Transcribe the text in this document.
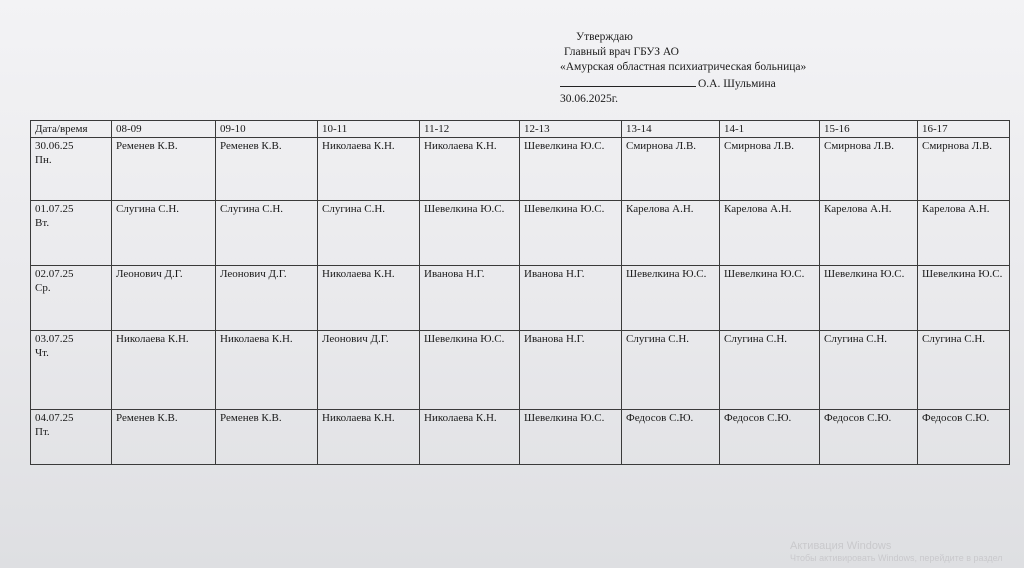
Утверждаю
Главный врач ГБУЗ АО
«Амурская областная психиатрическая больница»
О.А. Шульмина
30.06.2025г.
Дата/время	08-09	09-10	10-11	11-12	12-13	13-14	14-1	15-16	16-17

30.06.25
Пн.	Ременев К.В.	Ременев К.В.	Николаева К.Н.	Николаева К.Н.	Шевелкина Ю.С.	Смирнова Л.В.	Смирнова Л.В.	Смирнова Л.В.	Смирнова Л.В.

01.07.25
Вт.	Слугина С.Н.	Слугина С.Н.	Слугина С.Н.	Шевелкина Ю.С.	Шевелкина Ю.С.	Карелова А.Н.	Карелова А.Н.	Карелова А.Н.	Карелова А.Н.

02.07.25
Ср.	Леонович Д.Г.	Леонович Д.Г.	Николаева К.Н.	Иванова Н.Г.	Иванова Н.Г.	Шевелкина Ю.С.	Шевелкина Ю.С.	Шевелкина Ю.С.	Шевелкина Ю.С.

03.07.25
Чт.	Николаева К.Н.	Николаева К.Н.	Леонович Д.Г.	Шевелкина Ю.С.	Иванова Н.Г.	Слугина С.Н.	Слугина С.Н.	Слугина С.Н.	Слугина С.Н.

04.07.25
Пт.	Ременев К.В.	Ременев К.В.	Николаева К.Н.	Николаева К.Н.	Шевелкина Ю.С.	Федосов С.Ю.	Федосов С.Ю.	Федосов С.Ю.	Федосов С.Ю.
Активация Windows
Чтобы активировать Windows, перейдите в раздел
